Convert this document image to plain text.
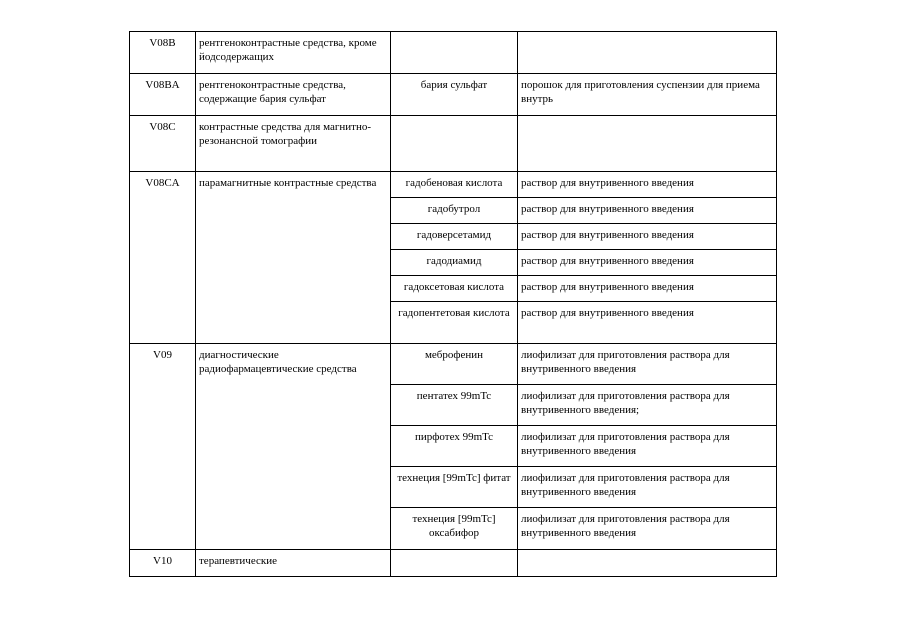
V08B	рентгеноконтрастные средства, кроме йодсодержащих		
V08BA	рентгеноконтрастные средства, содержащие бария сульфат	бария сульфат	порошок для приготовления суспензии для приема внутрь
V08C	контрастные средства для магнитно-резонансной томографии		
V08CA	парамагнитные контрастные средства	гадобеновая кислота	раствор для внутривенного введения
		гадобутрол	раствор для внутривенного введения
		гадоверсетамид	раствор для внутривенного введения
		гадодиамид	раствор для внутривенного введения
		гадоксетовая кислота	раствор для внутривенного введения
		гадопентетовая кислота	раствор для внутривенного введения
V09	диагностические радиофармацевтические средства	меброфенин	лиофилизат для приготовления раствора для внутривенного введения
		пентатех 99mTc	лиофилизат для приготовления раствора для внутривенного введения;
		пирфотех 99mTc	лиофилизат для приготовления раствора для внутривенного введения
		технеция [99mTc] фитат	лиофилизат для приготовления раствора для внутривенного введения
		технеция [99mTc] оксабифор	лиофилизат для приготовления раствора для внутривенного введения
V10	терапевтические		
